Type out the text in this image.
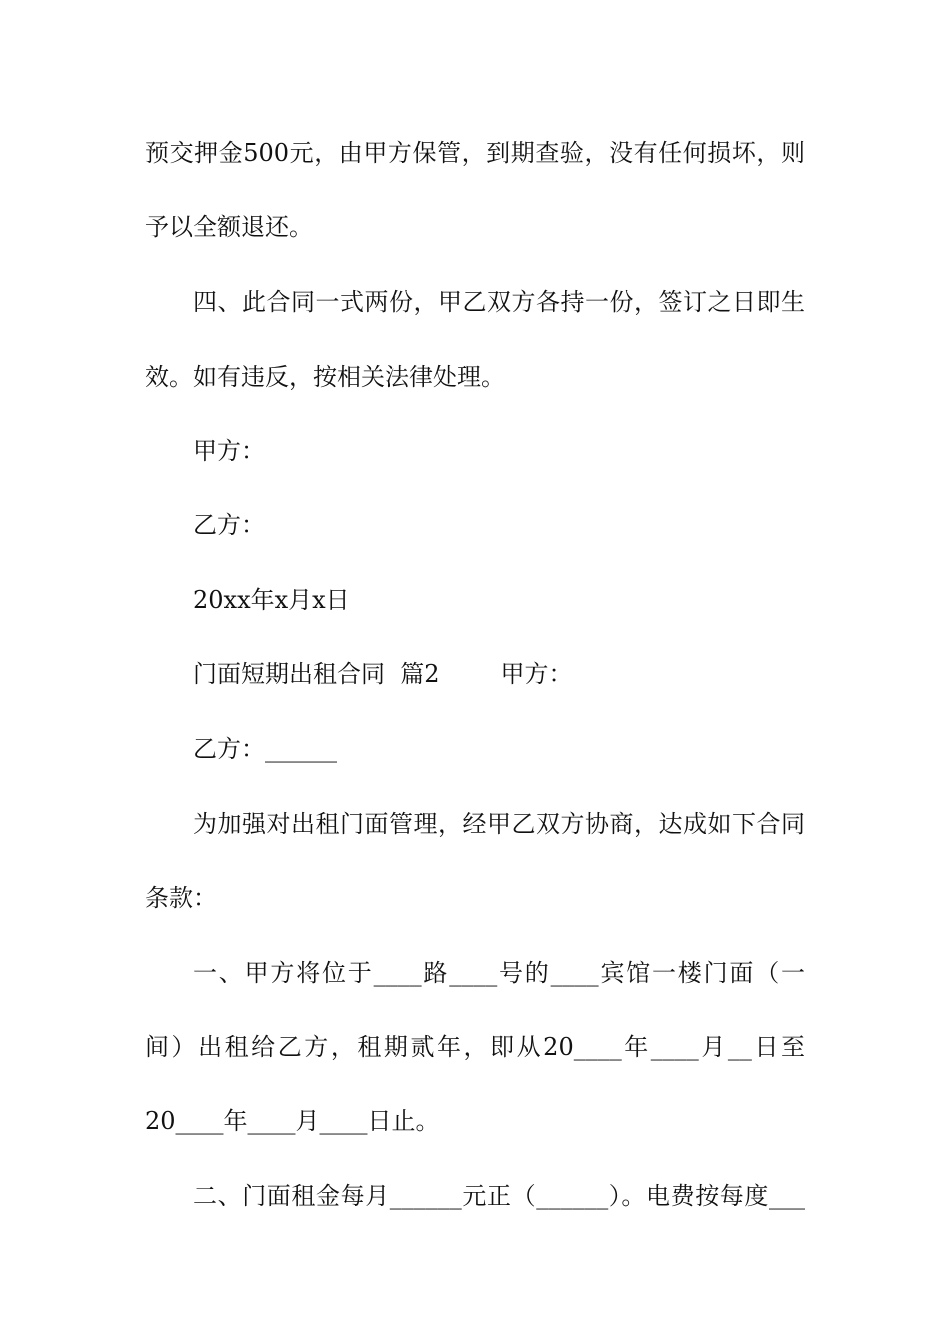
预交押金500元，由甲方保管，到期查验，没有任何损坏，则
予以全额退还。
四、此合同一式两份，甲乙双方各持一份，签订之日即生
效。如有违反，按相关法律处理。
甲方：
乙方：
20xx年x月x日
门面短期出租合同  篇2        甲方：
乙方：______
为加强对出租门面管理，经甲乙双方协商，达成如下合同
条款：
一、甲方将位于____路____号的____宾馆一楼门面（一
间）出租给乙方，租期贰年，即从20____年____月__日至
20____年____月____日止。
二、门面租金每月______元正（______）。电费按每度___
